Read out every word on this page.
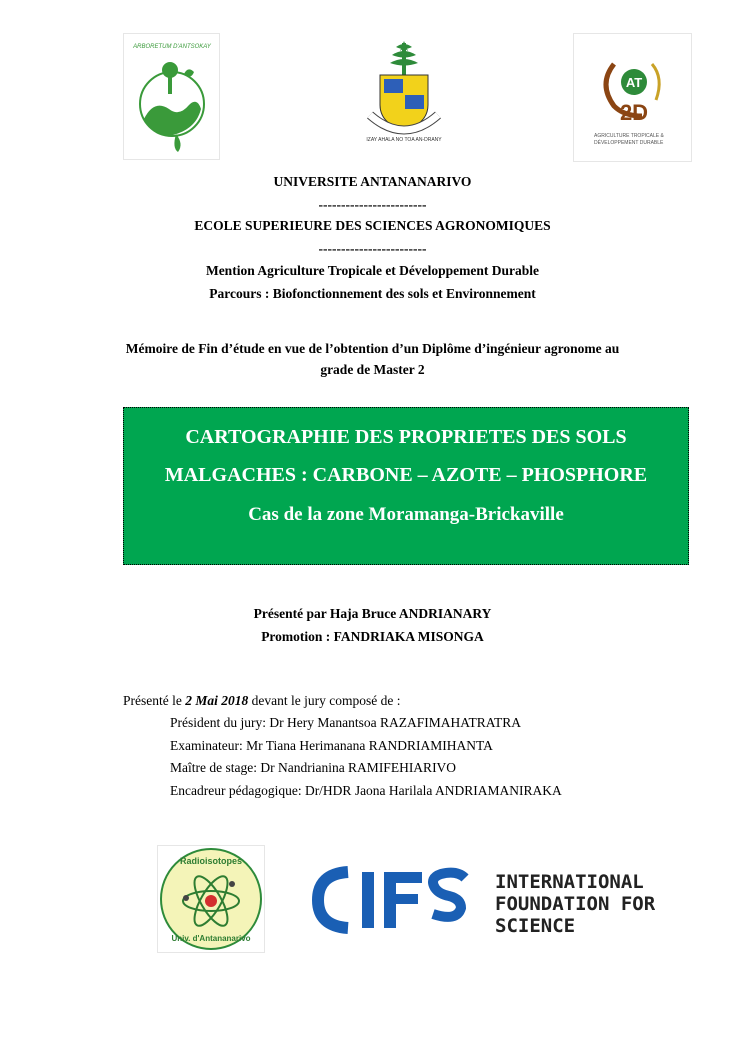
ARBORETUM D'ANTSOKAY
IZAY AHALA NO TOA AN-DRANY
AT
2D
AGRICULTURE TROPICALE &
DÉVELOPPEMENT DURABLE
UNIVERSITE ANTANANARIVO
------------------------
ECOLE SUPERIEURE DES SCIENCES AGRONOMIQUES
------------------------
Mention Agriculture Tropicale et Développement Durable
Parcours : Biofonctionnement des sols et Environnement
Mémoire de Fin d’étude en vue de l’obtention d’un Diplôme d’ingénieur agronome au
grade de Master 2
CARTOGRAPHIE DES PROPRIETES DES SOLS
MALGACHES : CARBONE – AZOTE – PHOSPHORE
Cas de la zone Moramanga-Brickaville
Présenté par Haja Bruce ANDRIANARY
Promotion : FANDRIAKA MISONGA
Présenté le 2 Mai 2018 devant le jury composé de :
Président du jury: Dr Hery Manantsoa RAZAFIMAHATRATRA
Examinateur: Mr Tiana Herimanana RANDRIAMIHANTA
Maître de stage: Dr Nandrianina RAMIFEHIARIVO
Encadreur pédagogique: Dr/HDR Jaona Harilala ANDRIAMANIRAKA
Radioisotopes
Univ. d'Antananarivo
INTERNATIONAL
FOUNDATION FOR
SCIENCE
